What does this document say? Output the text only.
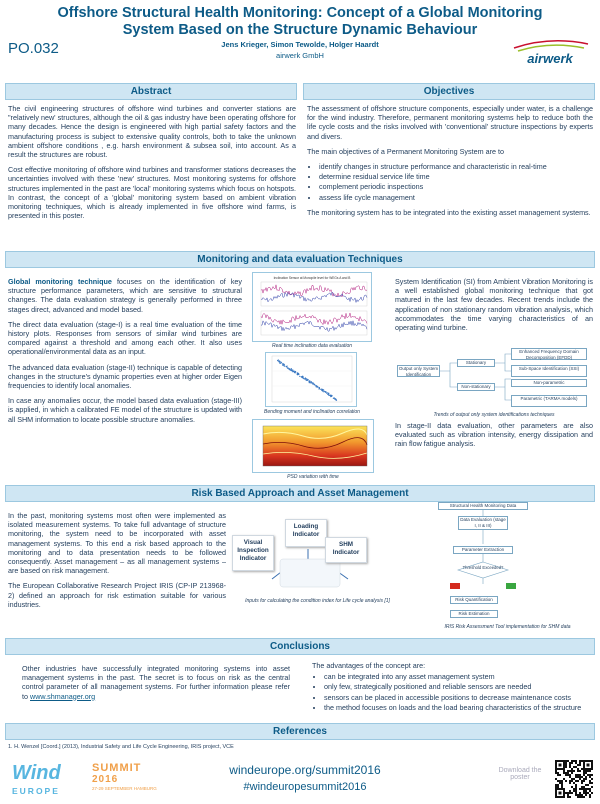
Offshore Structural Health Monitoring: Concept of a Global Monitoring System Based on the Structure Dynamic Behaviour
PO.032	Jens Krieger, Simon Tewolde, Holger Haardt
airwerk GmbH	airwerk
Abstract	Objectives

The civil engineering structures of offshore wind turbines and converter stations are "relatively new' structures, although the oil & gas industry have been operating offshore for many decades. Hence the design is engineered with high partial safety factors and the manufacturing process is subject to extensive quality controls, both to take the unknown ambient offshore conditions , e.g. harsh environment & subsea soil, into account. As a result the structures are robust.

Cost effective monitoring of offshore wind turbines and transformer stations decreases the uncertainties involved with these 'new' structures. Most monitoring systems for offshore structures implemented in the past are 'local' monitoring systems which focus on hotspots. In contrast, the concept of a 'global' monitoring system based on ambient vibration monitoring techniques, which is already implemented in five offshore wind farms, is presented in this poster.

The assessment of offshore structure components, especially under water, is a challenge for the wind industry. Therefore, permanent monitoring systems help to reduce both the life cycle costs and the risks involved with 'conventional' structure inspections by experts and divers.

The main objectives of a Permanent Monitoring System are to

• identify changes in structure performance and characteristic in real-time
• determine residual service life time
• complement periodic inspections
• assess life cycle management

The monitoring system has to be integrated into the existing asset management systems.

Monitoring and data evaluation Techniques

Global monitoring technique focuses on the identification of key structure performance parameters, which are sensitive to structural changes. The data evaluation strategy is generally performed in three stages direct, advanced and model based.

The direct data evaluation (stage-I) is a real time evaluation of the time history plots. Responses from sensors of similar wind turbines are compared against a threshold and among each other. It also uses operational/environmental data as an input.

The advanced data evaluation (stage-II) technique is capable of detecting changes in the structure's dynamic properties even at higher order Eigen frequencies to identify local anomalies.

In case any anomalies occur, the model based data evaluation (stage-III) is applied, in which a calibrated FE model of the structure is updated with all SHM information to locate possible structure anomalies.

Inclination Sensor at Monopile level for WEGs A and B
Real time inclination data evaluation
Bending moment and inclination correlation
PSD variation with time
System Identification (SI) from Ambient Vibration Monitoring is a well established global monitoring technique that got matured in the last few decades. Recent trends include the application of non stationary random vibration analysis, which accommodates the time varying characteristics of an operating wind turbine.
Output only System Identification
Stationary
Non-stationary
Enhanced Frequency Domain Decomposition (EFDD)
Sub-Space Identification (SSI)
Non-parametric
Parametric (TARMA models)
Trends of output only system identifications techniques
In stage-II data evaluation, other parameters are also evaluated such as vibration intensity, energy dissipation and rain flow fatigue analysis.
Risk Based Approach and Asset Management

In the past, monitoring systems most often were implemented as isolated measurement systems. To take full advantage of structure monitoring, the system need to be incorporated with asset management systems. To this end a risk based approach to the monitoring and to data presentation needs to be followed consequently. Asset management – as all management systems – are based on risk management.

The European Collaborative Research Project IRIS (CP-IP 213968-2) defined an approach for risk estimation suitable for various industries.

Loading Indicator
Visual Inspection Indicator
SHM Indicator
Inputs for calculating the condition index for Life cycle analysis [1]
Structural Health Monitoring Data
Data Evaluation (stage I, II & III)
Parameter Extraction
Threshold Exceeded?
Risk Quantification
Risk Estimation
IRIS Risk Assessment Tool implementation for SHM data
Conclusions
Other industries have successfully integrated monitoring systems into asset management systems in the past. The secret is to focus on risk as the central control parameter of all management systems. For further information please refer to www.shmanager.org
The advantages of the concept are:
• can be integrated into any asset management system
• only few, strategically positioned and reliable sensors are needed
• sensors can be placed in accessible positions to decrease maintenance costs
• the method focuses on loads and the load bearing characteristics of the structure
References
1. H. Wenzel [Coord.] (2013), Industrial Safety and Life Cycle Engineering, IRIS project, VCE
Wind
EUROPE
SUMMIT
2016
27-29 SEPTEMBER HAMBURG
windeurope.org/summit2016
#windeuropesummit2016
Download the poster
